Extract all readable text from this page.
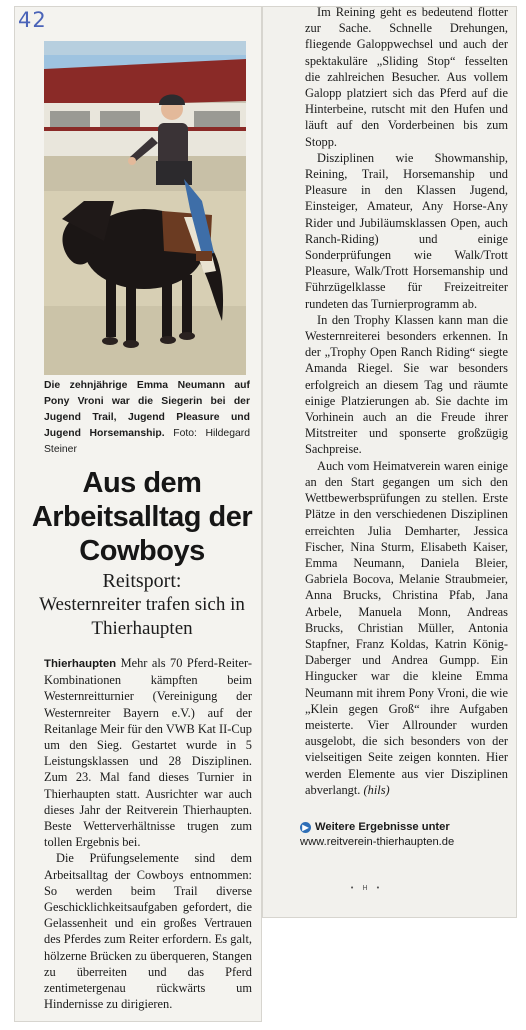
42
Die zehnjährige Emma Neumann auf Pony Vroni war die Siegerin bei der Jugend Trail, Jugend Pleasure und Jugend Horsemanship. Foto: Hildegard Steiner
Aus dem Arbeitsalltag der Cowboys
Reitsport:
Westernreiter trafen sich in Thierhaupten

Thierhaupten Mehr als 70 Pferd-Reiter-Kombinationen kämpften beim Westernreitturnier (Vereinigung der Westernreiter Bayern e.V.) auf der Reitanlage Meir für den VWB Kat II-Cup um den Sieg. Gestartet wurde in 5 Leistungsklassen und 28 Disziplinen. Zum 23. Mal fand dieses Turnier in Thierhaupten statt. Ausrichter war auch dieses Jahr der Reitverein Thierhaupten. Beste Wetterverhältnisse trugen zum tollen Ergebnis bei.

Die Prüfungselemente sind dem Arbeitsalltag der Cowboys entnommen: So werden beim Trail diverse Geschicklichkeitsaufgaben gefordert, die Gelassenheit und ein großes Vertrauen des Pferdes zum Reiter erfordern. Es galt, hölzerne Brücken zu überqueren, Stangen zu überreiten und das Pferd zentimetergenau rückwärts um Hindernisse zu dirigieren.

Im Reining geht es bedeutend flotter zur Sache. Schnelle Drehungen, fliegende Galoppwechsel und auch der spektakuläre „Sliding Stop“ fesselten die zahlreichen Besucher. Aus vollem Galopp platziert sich das Pferd auf die Hinterbeine, rutscht mit den Hufen und läuft auf den Vorderbeinen bis zum Stopp.

Disziplinen wie Showmanship, Reining, Trail, Horsemanship und Pleasure in den Klassen Jugend, Einsteiger, Amateur, Any Horse-Any Rider und Jubiläumsklassen Open, auch Ranch-Riding) und einige Sonderprüfungen wie Walk/Trott Pleasure, Walk/Trott Horsemanship und Führzügelklasse für Freizeitreiter rundeten das Turnierprogramm ab.

In den Trophy Klassen kann man die Westernreiterei besonders erkennen. In der „Trophy Open Ranch Riding“ siegte Amanda Riegel. Sie war besonders erfolgreich an diesem Tag und räumte einige Platzierungen ab. Sie dachte im Vorhinein auch an die Freude ihrer Mitstreiter und sponserte großzügig Sachpreise.

Auch vom Heimatverein waren einige an den Start gegangen um sich den Wettbewerbsprüfungen zu stellen. Erste Plätze in den verschiedenen Disziplinen erreichten Julia Demharter, Jessica Fischer, Nina Sturm, Elisabeth Kaiser, Emma Neumann, Daniela Bleier, Gabriela Bocova, Melanie Straubmeier, Anna Brucks, Christina Pfab, Jana Arbele, Manuela Monn, Andreas Brucks, Christian Müller, Antonia Stapfner, Franz Koldas, Katrin König-Daberger und Andrea Gumpp. Ein Hingucker war die kleine Emma Neumann mit ihrem Pony Vroni, die wie „Klein gegen Groß“ ihre Aufgaben meisterte. Vier Allrounder wurden ausgelobt, die sich besonders von der vielseitigen Seite zeigen konnten. Hier werden Elemente aus vier Disziplinen abverlangt. (hils)

▶ Weitere Ergebnisse unter
www.reitverein-thierhaupten.de
• H •
